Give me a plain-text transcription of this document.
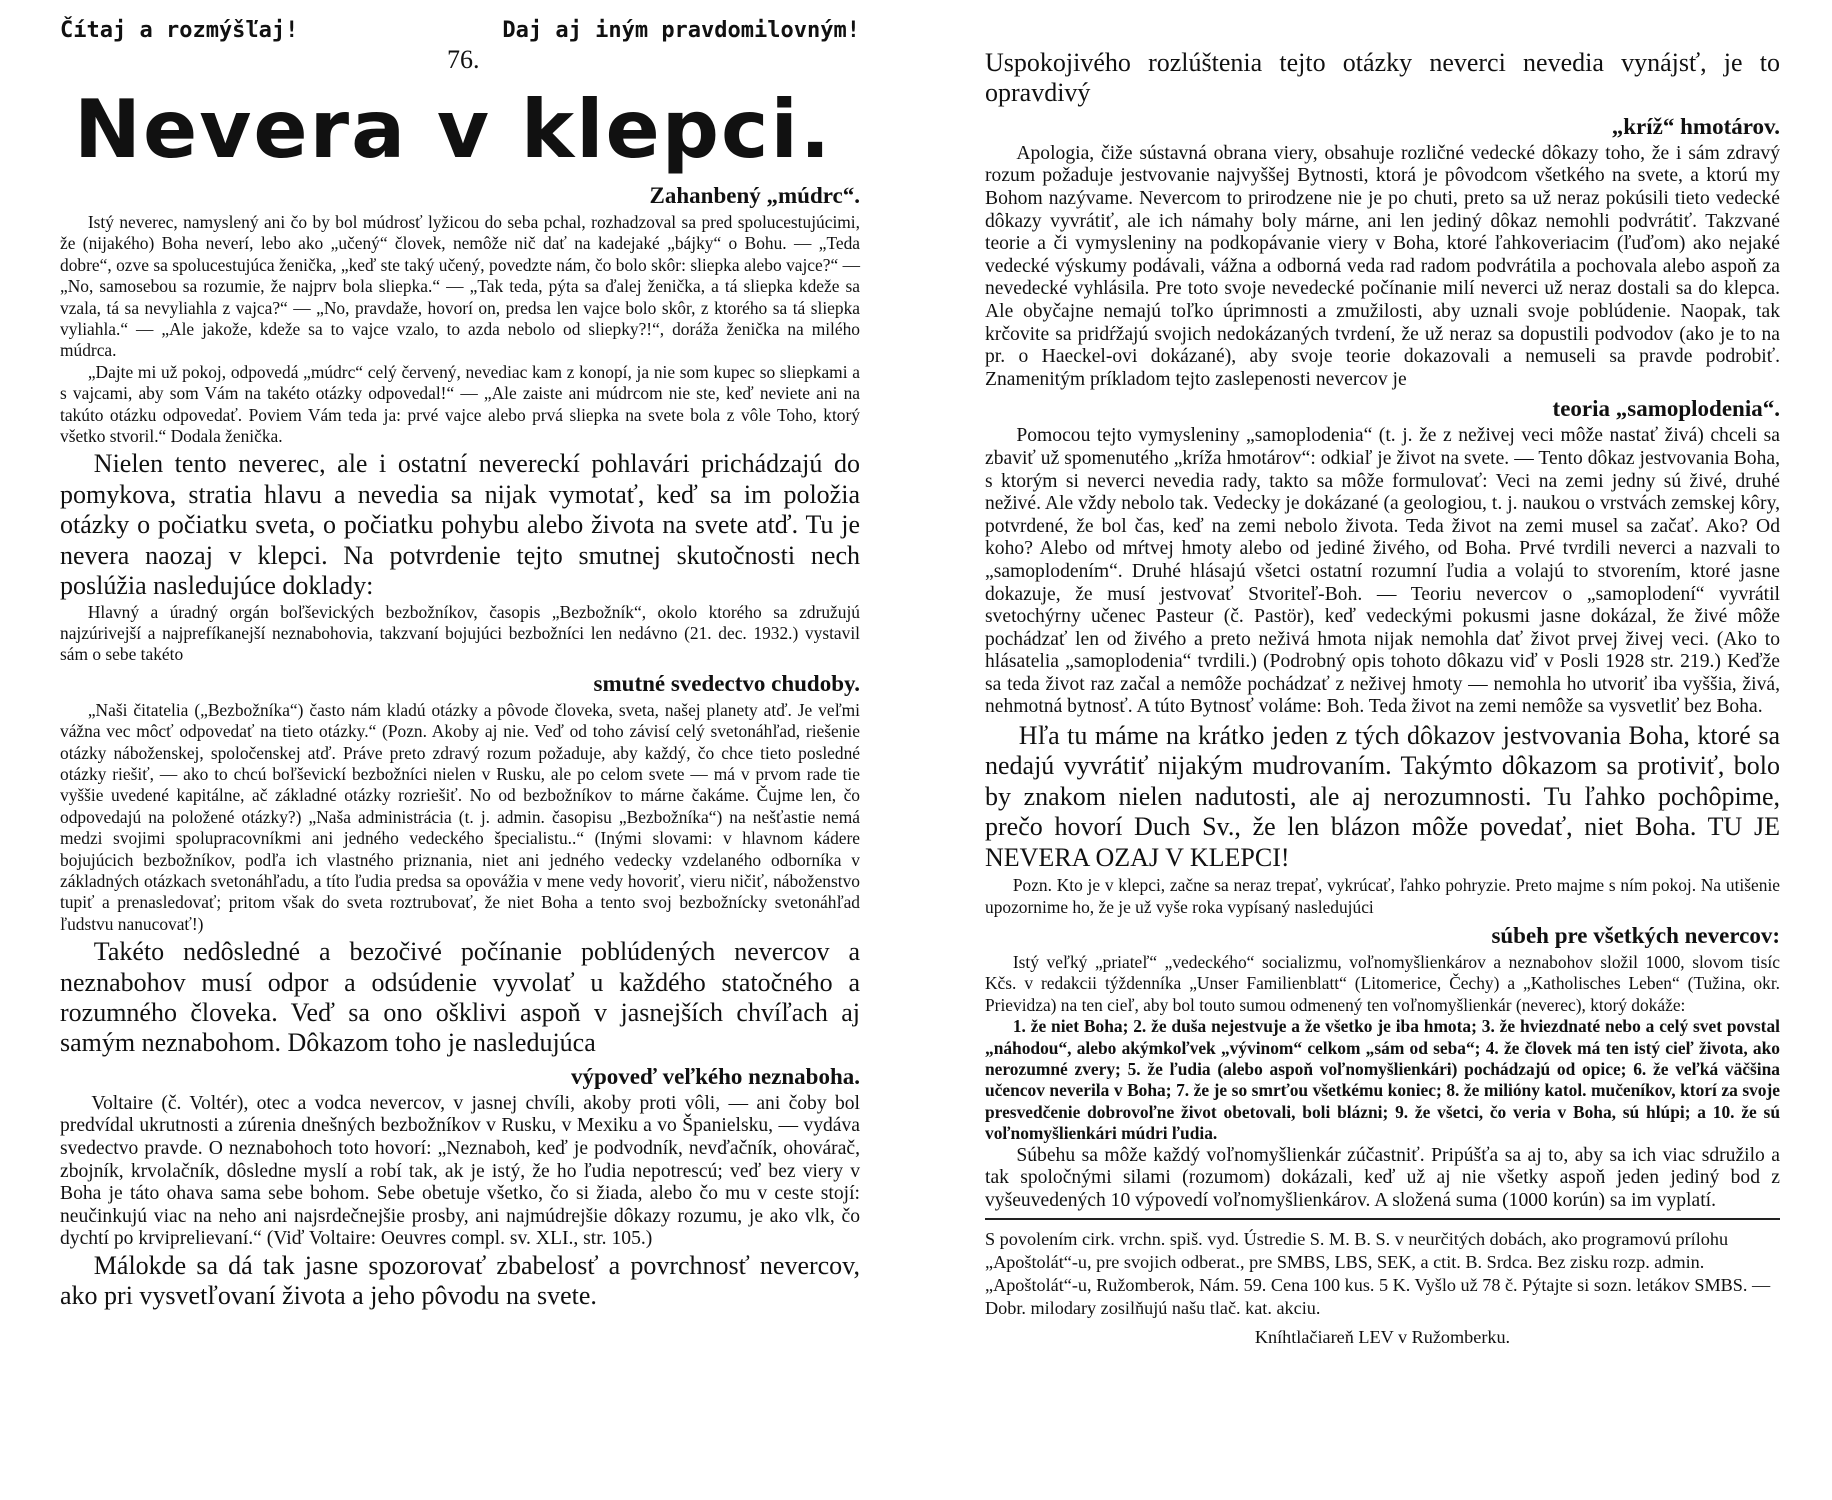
Čítaj a rozmýšľaj!	Daj aj iným pravdomilovným!
76.
Nevera v klepci.
Zahanbený „múdrc“.

Istý neverec, namyslený ani čo by bol múdrosť lyžicou do seba pchal, rozhadzoval sa pred spolucestujúcimi, že (nijakého) Boha neverí, lebo ako „učený“ človek, nemôže nič dať na kadejaké „bájky“ o Bohu. — „Teda dobre“, ozve sa spolucestujúca ženička, „keď ste taký učený, povedzte nám, čo bolo skôr: sliepka alebo vajce?“ — „No, samosebou sa rozumie, že najprv bola sliepka.“ — „Tak teda, pýta sa ďalej ženička, a tá sliepka kdeže sa vzala, tá sa nevyliahla z vajca?“ — „No, pravdaže, hovorí on, predsa len vajce bolo skôr, z ktorého sa tá sliepka vyliahla.“ — „Ale jakože, kdeže sa to vajce vzalo, to azda nebolo od sliepky?!“, dorážа ženička na milého múdrca.

„Dajte mi už pokoj, odpovedá „múdrc“ celý červený, nevediac kam z konopí, ja nie som kupec so sliepkami a s vajcami, aby som Vám na takéto otázky odpovedal!“ — „Ale zaiste ani múdrcom nie ste, keď neviete ani na takúto otázku odpovedať. Poviem Vám teda ja: prvé vajce alebo prvá sliepka na svete bola z vôle Toho, ktorý všetko stvoril.“ Dodala ženička.

Nielen tento neverec, ale i ostatní nevereckí pohlavári prichádzajú do pomykova, stratia hlavu a nevedia sa nijak vymotať, keď sa im položia otázky o počiatku sveta, o počiatku pohybu alebo života na svete atď. Tu je nevera naozaj v klepci. Na potvrdenie tejto smutnej skutočnosti nech poslúžia nasledujúce doklady:

Hlavný a úradný orgán boľševických bezbožníkov, časopis „Bezbožník“, okolo ktorého sa združujú najzúrivejší a najprefíkanejší neznabohovia, takzvaní bojujúci bezbožníci len nedávno (21. dec. 1932.) vystavil sám o sebe takéto

smutné svedectvo chudoby.

„Naši čitatelia („Bezbožníka“) často nám kladú otázky a pôvode človeka, sveta, našej planety atď. Je veľmi vážna vec môcť odpovedať na tieto otázky.“ (Pozn. Akoby aj nie. Veď od toho závisí celý svetonáhľad, riešenie otázky náboženskej, spoločenskej atď. Práve preto zdravý rozum požaduje, aby každý, čo chce tieto posledné otázky riešiť, — ako to chcú boľševickí bezbožníci nielen v Rusku, ale po celom svete — má v prvom rade tie vyššie uvedené kapitálne, ač základné otázky rozriešiť. No od bezbožníkov to márne čakáme. Čujme len, čo odpovedajú na položené otázky?) „Naša administrácia (t. j. admin. časopisu „Bezbožníka“) na nešťastie nemá medzi svojimi spolupracovníkmi ani jedného vedeckého špecialistu..“ (Inými slovami: v hlavnom kádere bojujúcich bezbožníkov, podľa ich vlastného priznania, niet ani jedného vedecky vzdelaného odborníka v základných otázkach svetonáhľadu, a títo ľudia predsa sa opovážia v mene vedy hovoriť, vieru ničiť, náboženstvo tupiť a prenasledovať; pritom však do sveta roztrubovať, že niet Boha a tento svoj bezbožnícky svetonáhľad ľudstvu nanucovať!)

Takéto nedôsledné a bezočivé počínanie poblúdených nevercov a neznabohov musí odpor a odsúdenie vyvolať u každého statočného a rozumného človeka. Veď sa ono ošklivі aspoň v jasnejších chvíľach aj samým neznabohom. Dôkazom toho je nasledujúca

výpoveď veľkého neznaboha.

Voltaire (č. Voltér), otec a vodca nevercov, v jasnej chvíli, akoby proti vôli, — ani čoby bol predvídal ukrutnosti a zúrenia dnešných bezbožníkov v Rusku, v Mexiku a vo Španielsku, — vydáva svedectvo pravde. O neznabohoch toto hovorí: „Neznaboh, keď je podvodník, nevďačník, ohovárač, zbojník, krvolačník, dôsledne myslí a robí tak, ak je istý, že ho ľudia nepotrescú; veď bez viery v Boha je táto ohava sama sebe bohom. Sebe obetuje všetko, čo si žiada, alebo čo mu v ceste stojí: neučinkujú viac na neho ani najsrdečnejšie prosby, ani najmúdrejšie dôkazy rozumu, je ako vlk, čo dychtí po krviprelievaní.“ (Viď Voltaire: Oeuvres compl. sv. XLI., str. 105.)

Málokde sa dá tak jasne spozorovať zbabelosť a povrchnosť nevercov, ako pri vysvetľovaní života a jeho pôvodu na svete.

Uspokojivého rozlúštenia tejto otázky neverci nevedia vynájsť, je to opravdivý

„kríž“ hmotárov.

Apologia, čiže sústavná obrana viery, obsahuje rozličné vedecké dôkazy toho, že i sám zdravý rozum požaduje jestvovanie najvyššej Bytnosti, ktorá je pôvodcom všetkého na svete, a ktorú my Bohom nazývame. Nevercom to prirodzene nie je po chuti, preto sa už neraz pokúsili tieto vedecké dôkazy vyvrátiť, ale ich námahy boly márne, ani len jediný dôkaz nemohli podvrátiť. Takzvané teorie a či vymysleniny na podkopávanie viery v Boha, ktoré ľahkoveriacim (ľuďom) ako nejaké vedecké výskumy podávali, vážna a odborná veda rad radom podvrátila a pochovala alebo aspoň za nevedecké vyhlásila. Pre toto svoje nevedecké počínanie milí neverci už neraz dostali sa do klepca. Ale obyčajne nemajú toľko úprimnosti a zmužilosti, aby uznali svoje poblúdenie. Naopak, tak krčovite sa pridŕžajú svojich nedokázaných tvrdení, že už neraz sa dopustili podvodov (ako je to na pr. o Haeckel-ovi dokázané), aby svoje teorie dokazovali a nemuseli sa pravde podrobiť. Znamenitým príkladom tejto zaslepenosti nevercov je

teoria „samoplodenia“.

Pomocou tejto vymysleniny „samoplodenia“ (t. j. že z neživej veci môže nastať živá) chceli sa zbaviť už spomenutého „kríža hmotárov“: odkiaľ je život na svete. — Tento dôkaz jestvovania Boha, s ktorým si neverci nevedia rady, takto sa môže formulovať: Veci na zemi jedny sú živé, druhé neživé. Ale vždy nebolo tak. Vedecky je dokázané (a geologiou, t. j. naukou o vrstvách zemskej kôry, potvrdené, že bol čas, keď na zemi nebolo života. Teda život na zemi musel sa začať. Ako? Od koho? Alebo od mŕtvej hmoty alebo od jediné živého, od Boha. Prvé tvrdili neverci a nazvali to „samoplodením“. Druhé hlásajú všetci ostatní rozumní ľudia a volajú to stvorením, ktoré jasne dokazuje, že musí jestvovať Stvoriteľ-Boh. — Teoriu nevercov o „samoplodení“ vyvrátil svetochýrny učenec Pasteur (č. Pastör), keď vedeckými pokusmi jasne dokázal, že živé môže pochádzať len od živého a preto neživá hmota nijak nemohla dať život prvej živej veci. (Ako to hlásatelia „samoplodenia“ tvrdili.) (Podrobný opis tohoto dôkazu viď v Posli 1928 str. 219.) Keďže sa teda život raz začal a nemôže pochádzať z neživej hmoty — nemohla ho utvoriť iba vyššia, živá, nehmotná bytnosť. A túto Bytnosť voláme: Boh. Teda život na zemi nemôže sa vysvetliť bez Boha.

Hľa tu máme na krátko jeden z tých dôkazov jestvovania Boha, ktoré sa nedajú vyvrátiť nijakým mudrovaním. Takýmto dôkazom sa protiviť, bolo by znakom nielen nadutosti, ale aj nerozumnosti. Tu ľahko pochôpime, prečo hovorí Duch Sv., že len blázon môže povedať, niet Boha. TU JE NEVERA OZAJ V KLEPCI!

Pozn. Kto je v klepci, začne sa neraz trepať, vykrúcať, ľahko pohryzie. Preto majme s ním pokoj. Na utišenie upozornime ho, že je už vyše roka vypísaný nasledujúci

súbeh pre všetkých nevercov:

Istý veľký „priateľ“ „vedeckého“ socializmu, voľnomyšlienkárov a neznabohov složil 1000, slovom tisíc Kčs. v redakcii týždenníka „Unser Familienblatt“ (Litomerice, Čechy) a „Katholisches Leben“ (Tužina, okr. Prievidza) na ten cieľ, aby bol touto sumou odmenený ten voľnomyšlienkár (neverec), ktorý dokáže:

1. že niet Boha; 2. že duša nejestvuje a že všetko je iba hmota; 3. že hviezdnaté nebo a celý svet povstal „náhodou“, alebo akýmkoľvek „vývinom“ celkom „sám od seba“; 4. že človek má ten istý cieľ života, ako nerozumné zvery; 5. že ľudia (alebo aspoň voľnomyšlienkári) pochádzajú od opice; 6. že veľká väčšina učencov neverila v Boha; 7. že je so smrťou všetkému koniec; 8. že milióny katol. mučeníkov, ktorí za svoje presvedčenie dobrovoľne život obetovali, boli blázni; 9. že všetci, čo veria v Boha, sú hlúpi; a 10. že sú voľnomyšlienkári múdri ľudia.

Súbehu sa môže každý voľnomyšlienkár zúčastniť. Pripúšťa sa aj to, aby sa ich viac sdružilo a tak spoločnými silami (rozumom) dokázali, keď už aj nie všetky aspoň jeden jediný bod z vyšeuvedených 10 výpovedí voľnomyšlienkárov. A složená suma (1000 korún) sa im vyplatí.

S povolením cirk. vrchn. spiš. vyd. Ústredie S. M. B. S. v neurčitých dobách, ako programovú prílohu „Apoštolát“-u, pre svojich odberat., pre SMBS, LBS, SEK, a ctit. B. Srdca. Bez zisku rozp. admin. „Apoštolát“-u, Ružomberok, Nám. 59. Cena 100 kus. 5 K. Vyšlo už 78 č. Pýtajte si sozn. letákov SMBS. — Dobr. milodary zosilňujú našu tlač. kat. akciu.

Kníhtlačiareň LEV v Ružomberku.
